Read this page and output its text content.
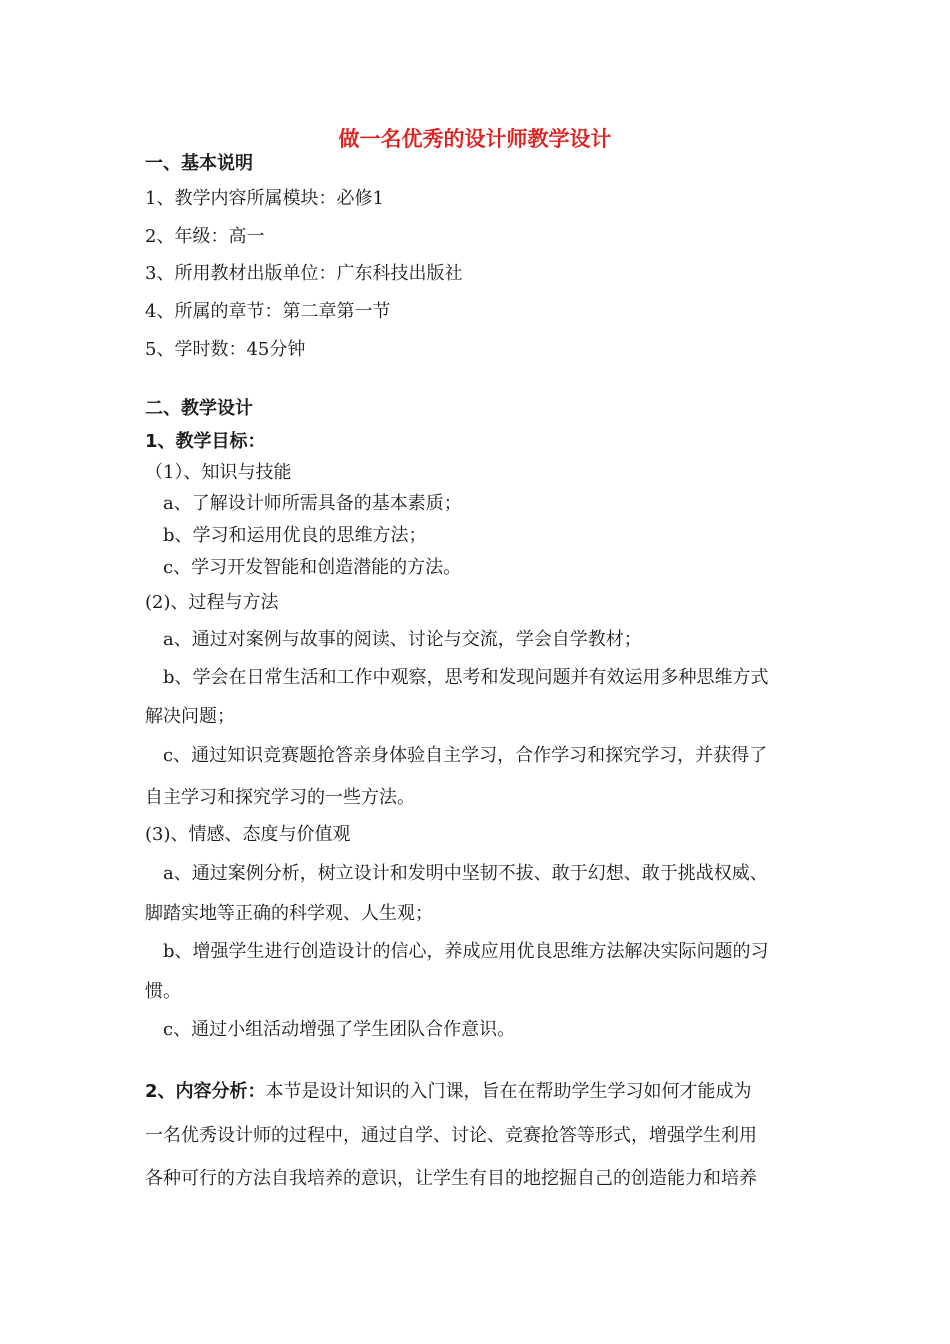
做一名优秀的设计师教学设计
一、基本说明
1、教学内容所属模块：必修1
2、年级：高一
3、所用教材出版单位：广东科技出版社
4、所属的章节：第二章第一节
5、学时数：45分钟
二、教学设计
1、教学目标：
（1）、知识与技能
a、了解设计师所需具备的基本素质；
b、学习和运用优良的思维方法；
c、学习开发智能和创造潜能的方法。
(2)、过程与方法
a、通过对案例与故事的阅读、讨论与交流，学会自学教材；
b、学会在日常生活和工作中观察，思考和发现问题并有效运用多种思维方式
解决问题；
c、通过知识竞赛题抢答亲身体验自主学习，合作学习和探究学习，并获得了
自主学习和探究学习的一些方法。
(3)、情感、态度与价值观
a、通过案例分析，树立设计和发明中坚韧不拔、敢于幻想、敢于挑战权威、
脚踏实地等正确的科学观、人生观；
b、增强学生进行创造设计的信心，养成应用优良思维方法解决实际问题的习
惯。
c、通过小组活动增强了学生团队合作意识。
2、内容分析：本节是设计知识的入门课，旨在在帮助学生学习如何才能成为
一名优秀设计师的过程中，通过自学、讨论、竞赛抢答等形式，增强学生利用
各种可行的方法自我培养的意识，让学生有目的地挖掘自己的创造能力和培养
